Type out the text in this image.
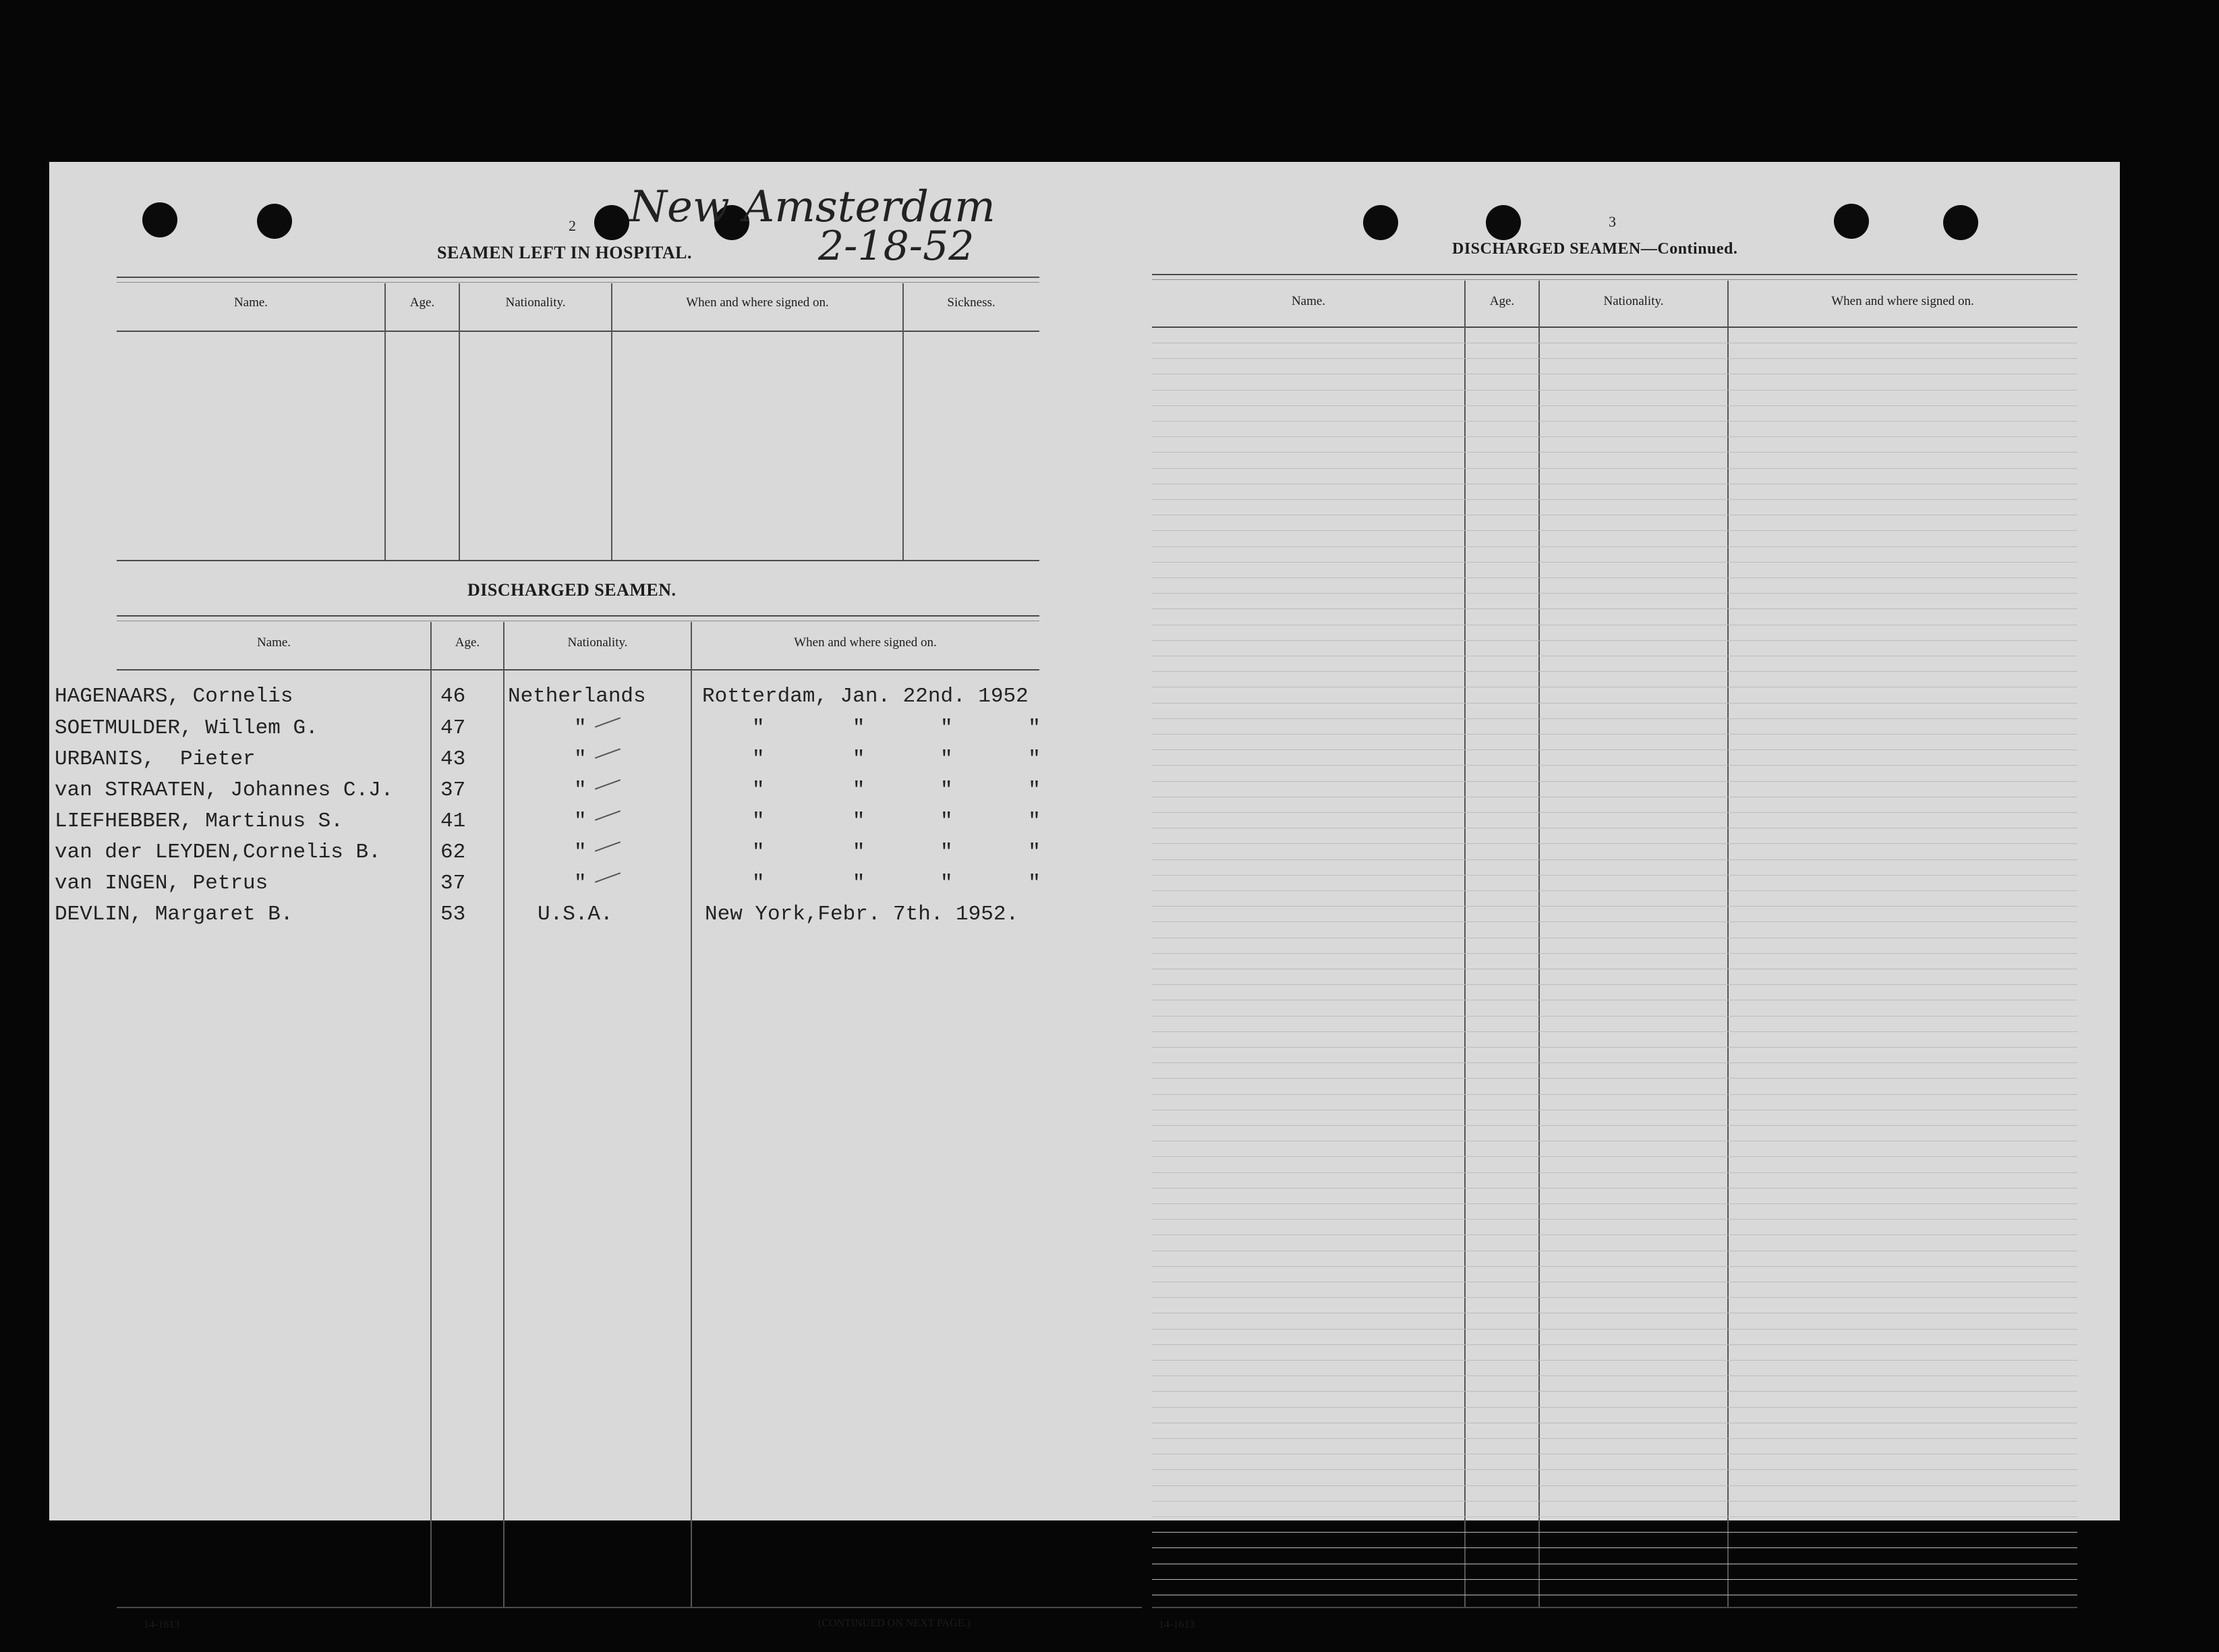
New Amsterdam
2-18-52
2
SEAMEN LEFT IN HOSPITAL.
Name.	Age.	Nationality.	When and where signed on.	Sickness.
DISCHARGED SEAMEN.
Name.	Age.	Nationality.	When and where signed on.
HAGENAARS, Cornelis	46 Netherlands	Rotterdam, Jan. 22nd. 1952
SOETMULDER, Willem G.	47	"	"       "      "      "
URBANIS,  Pieter	43	"	"       "      "      "
van STRAATEN, Johannes C.J. 37	"	"       "      "      "
LIEFHEBBER, Martinus S.	41	"	"       "      "      "
van der LEYDEN,Cornelis B.	62	"	"       "      "      "
van INGEN, Petrus	37	"	"       "      "      "
DEVLIN, Margaret B.	53	U.S.A.	New York,Febr. 7th. 1952.
14-1613	(CONTINUED ON NEXT PAGE.)
3
DISCHARGED SEAMEN—Continued.
Name.	Age.	Nationality.	When and where signed on.
14-1613
